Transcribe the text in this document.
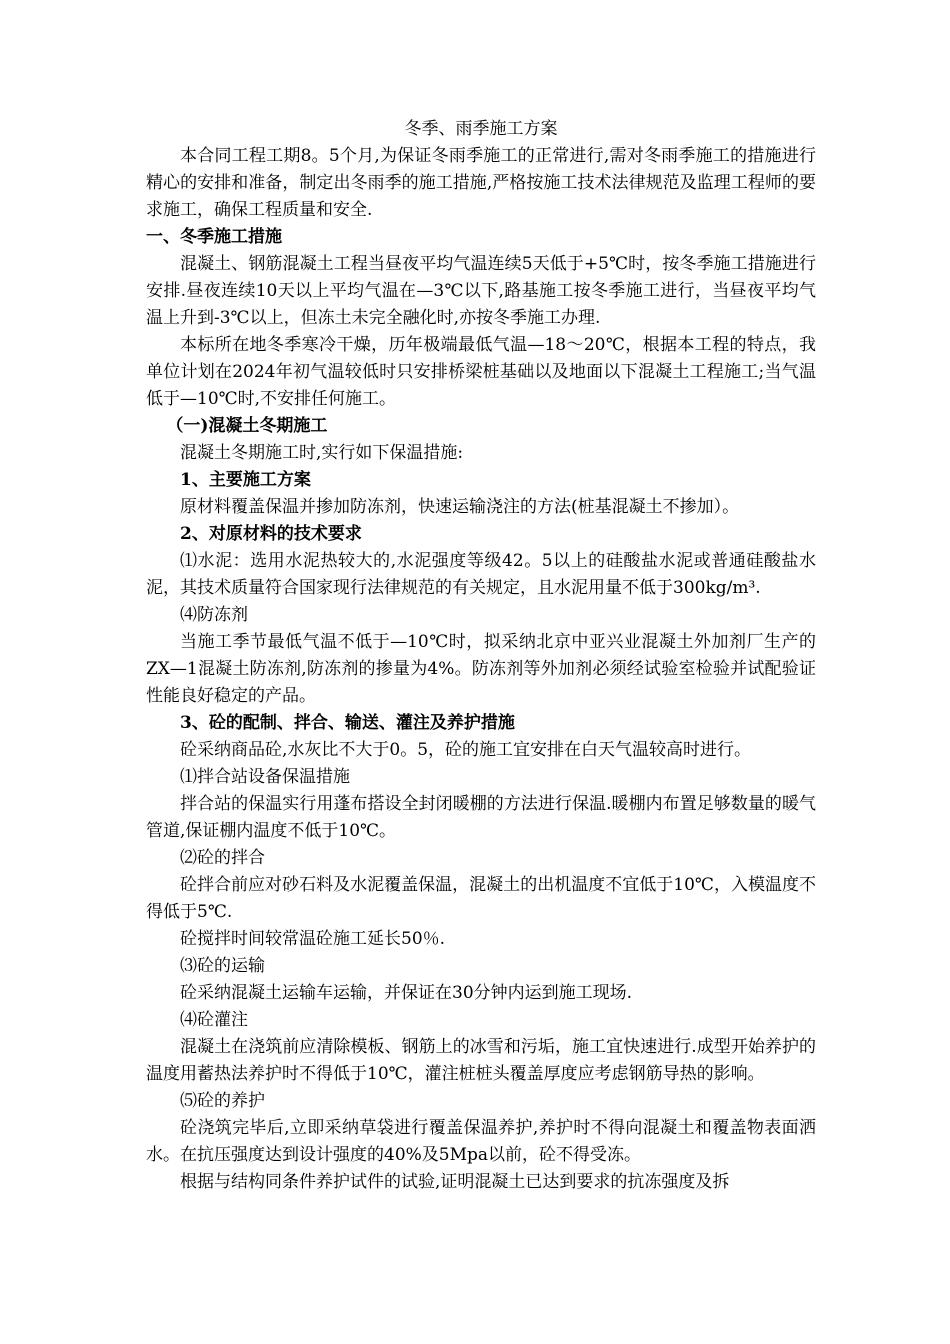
冬季、雨季施工方案

本合同工程工期8。5个月,为保证冬雨季施工的正常进行,需对冬雨季施工的措施进行精心的安排和准备，制定出冬雨季的施工措施,严格按施工技术法律规范及监理工程师的要求施工，确保工程质量和安全.

一、冬季施工措施

混凝土、钢筋混凝土工程当昼夜平均气温连续5天低于+5℃时，按冬季施工措施进行安排.昼夜连续10天以上平均气温在—3℃以下,路基施工按冬季施工进行，当昼夜平均气温上升到-3℃以上，但冻土未完全融化时,亦按冬季施工办理.

本标所在地冬季寒冷干燥，历年极端最低气温—18～20℃，根据本工程的特点，我单位计划在2024年初气温较低时只安排桥梁桩基础以及地面以下混凝土工程施工;当气温低于—10℃时,不安排任何施工。

（一)混凝土冬期施工

混凝土冬期施工时,实行如下保温措施:

1、主要施工方案

原材料覆盖保温并掺加防冻剂，快速运输浇注的方法(桩基混凝土不掺加）。

2、对原材料的技术要求

⑴水泥：选用水泥热较大的,水泥强度等级42。5以上的硅酸盐水泥或普通硅酸盐水泥，其技术质量符合国家现行法律规范的有关规定，且水泥用量不低于300kg/m³.

⑷防冻剂

当施工季节最低气温不低于—10℃时，拟采纳北京中亚兴业混凝土外加剂厂生产的ZX—1混凝土防冻剂,防冻剂的掺量为4%。防冻剂等外加剂必须经试验室检验并试配验证性能良好稳定的产品。

3、砼的配制、拌合、输送、灌注及养护措施

砼采纳商品砼,水灰比不大于0。5，砼的施工宜安排在白天气温较高时进行。

⑴拌合站设备保温措施

拌合站的保温实行用蓬布搭设全封闭暖棚的方法进行保温.暖棚内布置足够数量的暖气管道,保证棚内温度不低于10℃。

⑵砼的拌合

砼拌合前应对砂石料及水泥覆盖保温，混凝土的出机温度不宜低于10℃，入模温度不得低于5℃.

砼搅拌时间较常温砼施工延长50％.

⑶砼的运输

砼采纳混凝土运输车运输，并保证在30分钟内运到施工现场.

⑷砼灌注

混凝土在浇筑前应清除模板、钢筋上的冰雪和污垢，施工宜快速进行.成型开始养护的温度用蓄热法养护时不得低于10℃，灌注桩桩头覆盖厚度应考虑钢筋导热的影响。

⑸砼的养护

砼浇筑完毕后,立即采纳草袋进行覆盖保温养护,养护时不得向混凝土和覆盖物表面洒水。在抗压强度达到设计强度的40%及5Mpa以前，砼不得受冻。

根据与结构同条件养护试件的试验,证明混凝土已达到要求的抗冻强度及拆
